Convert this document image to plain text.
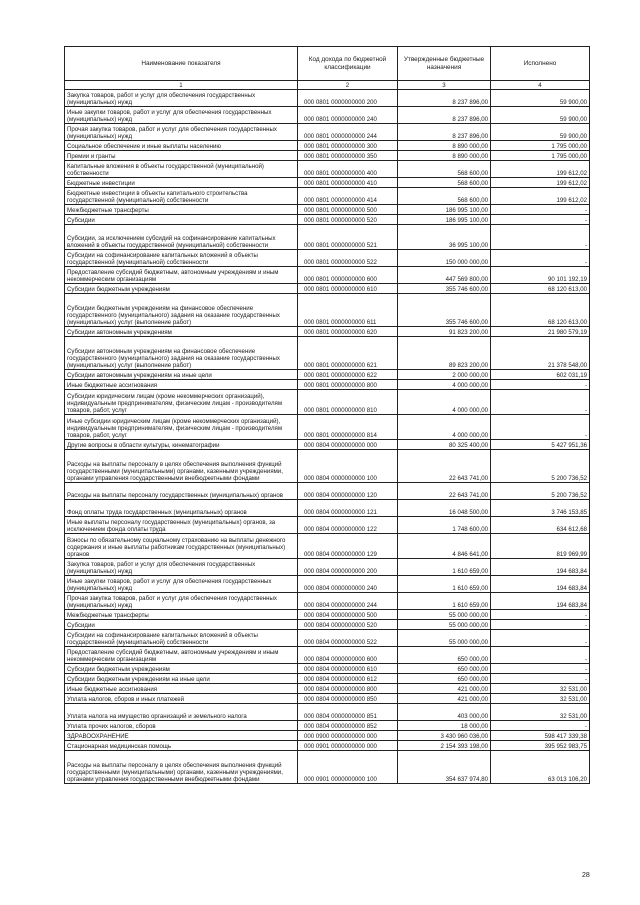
Наименование показателя	Код дохода по бюджетной классификации	Утвержденные бюджетные назначения	Исполнено
1	2	3	4
Закупка товаров, работ и услуг для обеспечения государственных (муниципальных) нужд	000 0801 0000000000 200	8 237 896,00	59 900,00
Иные закупки товаров, работ и услуг для обеспечения государственных (муниципальных) нужд	000 0801 0000000000 240	8 237 896,00	59 900,00
Прочая закупка товаров, работ и услуг для обеспечения государственных (муниципальных) нужд	000 0801 0000000000 244	8 237 896,00	59 900,00
Социальное обеспечение и иные выплаты населению	000 0801 0000000000 300	8 890 000,00	1 795 000,00
Премии и гранты	000 0801 0000000000 350	8 890 000,00	1 795 000,00
Капитальные вложения в объекты государственной (муниципальной) собственности	000 0801 0000000000 400	568 600,00	199 612,02
Бюджетные инвестиции	000 0801 0000000000 410	568 600,00	199 612,02
Бюджетные инвестиции в объекты капитального строительства государственной (муниципальной) собственности	000 0801 0000000000 414	568 600,00	199 612,02
Межбюджетные трансферты	000 0801 0000000000 500	186 995 100,00	-
Субсидии	000 0801 0000000000 520	186 995 100,00	-
Субсидии, за исключением субсидий на софинансирование капитальных вложений в объекты государственной (муниципальной) собственности	000 0801 0000000000 521	36 995 100,00	-
Субсидии на софинансирование капитальных вложений в объекты государственной (муниципальной) собственности	000 0801 0000000000 522	150 000 000,00	-
Предоставление субсидий бюджетным, автономным учреждениям и иным некоммерческим организациям	000 0801 0000000000 600	447 569 800,00	90 101 192,19
Субсидии бюджетным учреждениям	000 0801 0000000000 610	355 746 600,00	68 120 613,00
Субсидии бюджетным учреждениям на финансовое обеспечение государственного (муниципального) задания на оказание государственных (муниципальных) услуг (выполнение работ)	000 0801 0000000000 611	355 746 600,00	68 120 613,00
Субсидии автономным учреждениям	000 0801 0000000000 620	91 823 200,00	21 980 579,19
Субсидии автономным учреждениям на финансовое обеспечение государственного (муниципального) задания на оказание государственных (муниципальных) услуг (выполнение работ)	000 0801 0000000000 621	89 823 200,00	21 378 548,00
Субсидии автономным учреждениям на иные цели	000 0801 0000000000 622	2 000 000,00	602 031,19
Иные бюджетные ассигнования	000 0801 0000000000 800	4 000 000,00	-
Субсидии юридическим лицам (кроме некоммерческих организаций), индивидуальным предпринимателям, физическим лицам - производителям товаров, работ, услуг	000 0801 0000000000 810	4 000 000,00	-
Иные субсидии юридическим лицам (кроме некоммерческих организаций), индивидуальным предпринимателям, физическим лицам - производителям товаров, работ, услуг	000 0801 0000000000 814	4 000 000,00	-
Другие вопросы в области культуры, кинематографии	000 0804 0000000000 000	80 325 400,00	5 427 951,36
Расходы на выплаты персоналу в целях обеспечения выполнения функций государственными (муниципальными) органами, казенными учреждениями, органами управления государственными внебюджетными фондами	000 0804 0000000000 100	22 643 741,00	5 200 736,52
Расходы на выплаты персоналу государственных (муниципальных) органов	000 0804 0000000000 120	22 643 741,00	5 200 736,52
Фонд оплаты труда государственных (муниципальных) органов	000 0804 0000000000 121	16 048 500,00	3 746 153,85
Иные выплаты персоналу государственных (муниципальных) органов, за исключением фонда оплаты труда	000 0804 0000000000 122	1 748 600,00	634 612,68
Взносы по обязательному социальному страхованию на выплаты денежного содержания и иные выплаты работникам государственных (муниципальных) органов	000 0804 0000000000 129	4 846 641,00	819 969,99
Закупка товаров, работ и услуг для обеспечения государственных (муниципальных) нужд	000 0804 0000000000 200	1 610 659,00	194 683,84
Иные закупки товаров, работ и услуг для обеспечения государственных (муниципальных) нужд	000 0804 0000000000 240	1 610 659,00	194 683,84
Прочая закупка товаров, работ и услуг для обеспечения государственных (муниципальных) нужд	000 0804 0000000000 244	1 610 659,00	194 683,84
Межбюджетные трансферты	000 0804 0000000000 500	55 000 000,00	-
Субсидии	000 0804 0000000000 520	55 000 000,00	-
Субсидии на софинансирование капитальных вложений в объекты государственной (муниципальной) собственности	000 0804 0000000000 522	55 000 000,00	-
Предоставление субсидий бюджетным, автономным учреждениям и иным некоммерческим организациям	000 0804 0000000000 600	650 000,00	-
Субсидии бюджетным учреждениям	000 0804 0000000000 610	650 000,00	-
Субсидии бюджетным учреждениям на иные цели	000 0804 0000000000 612	650 000,00	-
Иные бюджетные ассигнования	000 0804 0000000000 800	421 000,00	32 531,00
Уплата налогов, сборов и иных платежей	000 0804 0000000000 850	421 000,00	32 531,00
Уплата налога на имущество организаций и земельного налога	000 0804 0000000000 851	403 000,00	32 531,00
Уплата прочих налогов, сборов	000 0804 0000000000 852	18 000,00	-
ЗДРАВООХРАНЕНИЕ	000 0900 0000000000 000	3 430 960 036,00	598 417 339,38
Стационарная медицинская помощь	000 0901 0000000000 000	2 154 393 198,00	395 952 983,75
Расходы на выплаты персоналу в целях обеспечения выполнения функций государственными (муниципальными) органами, казенными учреждениями, органами управления государственными внебюджетными фондами	000 0901 0000000000 100	354 637 974,80	63 013 106,20
28
